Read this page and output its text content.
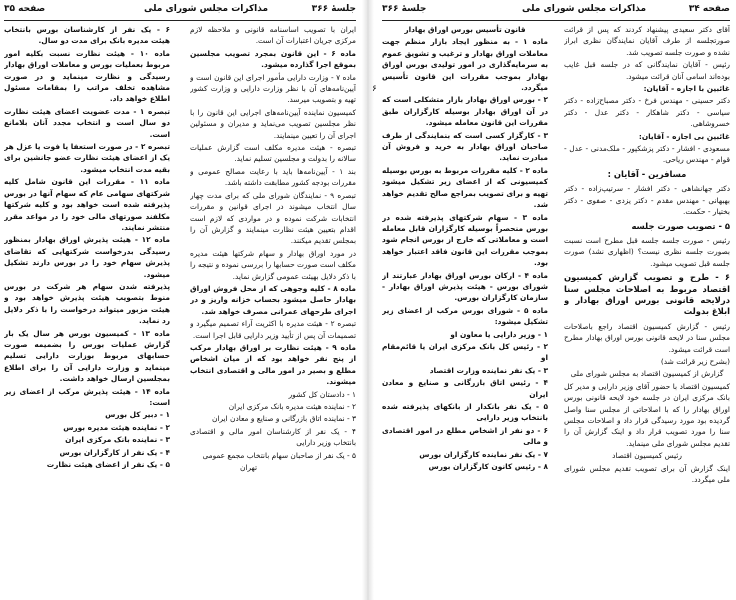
صفحه ۳۵	مذاکرات مجلس شورای ملی	جلسهٔ ۳۶۶

ایران با تصویب اساسنامه قانونی و ملاحظه لازم مرکزی جریان اعتبارات آن است.

ماده ۶ - این قانون بمجرد تصویب مجلسین بموقع اجرا گذارده میشود.

ماده ۷ - وزارت دارایی مأمور اجرای این قانون است و آیین‌نامه‌های آن با نظر وزارت دارایی و وزارت کشور تهیه و بتصویب میرسد.

کمیسیون نماینده آیین‌نامه‌های اجرایی این قانون را با نظر مجلسین تصویب می‌نماید و مدیران و مسئولین اجرای آن را تعیین مینمایند.

تبصره - هیئت مدیره مکلف است گزارش عملیات سالانه را بدولت و مجلسین تسلیم نماید.

بند ۱ - آیین‌نامه‌ها باید با رعایت مصالح عمومی و مقررات بودجه کشور مطابقت داشته باشد.

تبصره ۹ - نمایندگان شورای ملی که برای مدت چهار سال انتخاب میشوند در اجرای قوانین و مقررات انتخابات شرکت نموده و در مواردی که لازم است اقدام بتعیین هیئت نظارت مینمایند و گزارش آن را بمجلس تقدیم میکنند.

در مورد اوراق بهادار و سهام شرکتها هیئت مدیره مکلف است صورت حسابها را بررسی نموده و نتیجه را با ذکر دلایل بهیئت عمومی گزارش نماید.

ماده ۸ - کلیه وجوهی که از محل فروش اوراق بهادار حاصل میشود بحساب خزانه واریز و در اجرای طرحهای عمرانی مصرف خواهد شد.

تبصره ۲ - هیئت مدیره با اکثریت آراء تصمیم میگیرد و تصمیمات آن پس از تأیید وزیر دارایی قابل اجرا است.

ماده ۹ - هیئت نظارت بر اوراق بهادار مرکب از پنج نفر خواهد بود که از میان اشخاص مطلع و بصیر در امور مالی و اقتصادی انتخاب میشوند.

۱ - دادستان کل کشور

۲ - نماینده هیئت مدیره بانک مرکزی ایران

۳ - نماینده اتاق بازرگانی و صنایع و معادن ایران

۴ - یک نفر از کارشناسان امور مالی و اقتصادی بانتخاب وزیر دارایی

۵ - یک نفر از صاحبان سهام بانتخاب مجمع عمومی

تهران

۶ - یک نفر از کارشناسان بورس بانتخاب هیئت مدیره بانک برای مدت دو سال.

ماده ۱۰ - هیئت نظارت نسبت بکلیه امور مربوط بعملیات بورس و معاملات اوراق بهادار رسیدگی و نظارت مینماید و در صورت مشاهده تخلف مراتب را بمقامات مسئول اطلاع خواهد داد.

تبصره ۱ - مدت عضویت اعضای هیئت نظارت دو سال است و انتخاب مجدد آنان بلامانع است.

تبصره ۲ - در صورت استعفا یا فوت یا عزل هر یک از اعضای هیئت نظارت عضو جانشین برای بقیه مدت انتخاب میشود.

ماده ۱۱ - مقررات این قانون شامل کلیه شرکتهای سهامی عام که سهام آنها در بورس پذیرفته شده است خواهد بود و کلیه شرکتها مکلفند صورتهای مالی خود را در مواعد مقرر منتشر نمایند.

ماده ۱۲ - هیئت پذیرش اوراق بهادار بمنظور رسیدگی بدرخواست شرکتهایی که تقاضای پذیرش سهام خود را در بورس دارند تشکیل میشود.

پذیرفته شدن سهام هر شرکت در بورس منوط بتصویب هیئت پذیرش خواهد بود و هیئت مزبور میتواند درخواست را با ذکر دلایل رد نماید.

ماده ۱۳ - کمیسیون بورس هر سال یک بار گزارش عملیات بورس را بضمیمه صورت حسابهای مربوط بوزارت دارایی تسلیم مینماید و وزارت دارایی آن را برای اطلاع بمجلسین ارسال خواهد داشت.

ماده ۱۴ - هیئت پذیرش مرکب از اعضای زیر است:

۱ - دبیر کل بورس

۲ - نماینده هیئت مدیره بورس

۳ - نماینده بانک مرکزی ایران

۴ - یک نفر از کارگزاران بورس

۵ - یک نفر از اعضای هیئت نظارت

۶
جلسهٔ ۳۶۶	مذاکرات مجلس شورای ملی	صفحه ۳۴

آقای دکتر سعیدی پیشنهاد کردند که پس از قرائت صورتجلسه از طرف آقایان نمایندگان نظری ابراز نشده و صورت جلسه تصویب شد.

رئیس - آقایان نمایندگانی که در جلسه قبل غایب بوده‌اند اسامی آنان قرائت میشود.

غائبین با اجازه - آقایان:

دکتر حسینی - مهندس فرخ - دکتر مصباح‌زاده - دکتر سیاسی - دکتر شاهکار - دکتر عدل - دکتر خسروشاهی.

غائبین بی اجازه - آقایان:

مسعودی - افشار - دکتر پزشکپور - ملک‌مدنی - عدل - قوام - مهندس ریاحی.

مسافرین - آقایان :

دکتر جهانشاهی - دکتر افشار - سرتیپ‌زاده - دکتر بهبهانی - مهندس مقدم - دکتر یزدی - صفوی - دکتر بختیار - حکمت.

۵ - تصویب صورت جلسه

رئیس - صورت جلسه جلسه قبل مطرح است نسبت بصورت جلسه نظری نیست؟ (اظهاری نشد) صورت جلسه قبل تصویب میشود.

۶ - طرح و تصویب گزارش کمیسیون اقتصاد مربوط به اصلاحات مجلس سنا درلایحه قانونی بورس اوراق بهادار و ابلاغ بدولت

رئیس - گزارش کمیسیون اقتصاد راجع باصلاحات مجلس سنا در لایحه قانونی بورس اوراق بهادار مطرح است قرائت میشود.

(بشرح زیر قرائت شد)

گزارش از کمیسیون اقتصاد به مجلس شورای ملی

کمیسیون اقتصاد با حضور آقای وزیر دارایی و مدیر کل بانک مرکزی ایران در جلسه خود لایحه قانونی بورس اوراق بهادار را که با اصلاحاتی از مجلس سنا واصل گردیده بود مورد رسیدگی قرار داد و اصلاحات مجلس سنا را مورد تصویب قرار داد و اینک گزارش آن را تقدیم مجلس شورای ملی مینماید.

رئیس کمیسیون اقتصاد

اینک گزارش آن برای تصویب تقدیم مجلس شورای ملی میگردد.

قانون تأسیس بورس اوراق بهادار

ماده ۱ - به منظور ایجاد بازار منظم جهت معاملات اوراق بهادار و ترغیب و تشویق عموم به سرمایه‌گذاری در امور تولیدی بورس اوراق بهادار بموجب مقررات این قانون تأسیس میگردد.

۲ - بورس اوراق بهادار بازار متشکلی است که در آن اوراق بهادار بوسیله کارگزاران طبق مقررات این قانون معامله میشود.

۳ - کارگزار کسی است که بنمایندگی از طرف صاحبان اوراق بهادار به خرید و فروش آن مبادرت نماید.

ماده ۲ - کلیه مقررات مربوط به بورس بوسیله کمیسیونی که از اعضای زیر تشکیل میشود تهیه و برای تصویب بمراجع صالح تقدیم خواهد شد.

ماده ۳ - سهام شرکتهای پذیرفته شده در بورس منحصراً بوسیله کارگزاران قابل معامله است و معاملاتی که خارج از بورس انجام شود بموجب مقررات این قانون فاقد اعتبار خواهد بود.

ماده ۴ - ارکان بورس اوراق بهادار عبارتند از شورای بورس - هیئت پذیرش اوراق بهادار - سازمان کارگزاران بورس.

ماده ۵ - شورای بورس مرکب از اعضای زیر تشکیل میشود:

۱ - وزیر دارایی یا معاون او

۲ - رئیس کل بانک مرکزی ایران یا قائم‌مقام او

۳ - یک نفر نماینده وزارت اقتصاد

۴ - رئیس اتاق بازرگانی و صنایع و معادن ایران

۵ - یک نفر بانکدار از بانکهای پذیرفته شده بانتخاب وزیر دارایی

۶ - دو نفر از اشخاص مطلع در امور اقتصادی و مالی

۷ - یک نفر نماینده کارگزاران بورس

۸ - رئیس کانون کارگزاران بورس
